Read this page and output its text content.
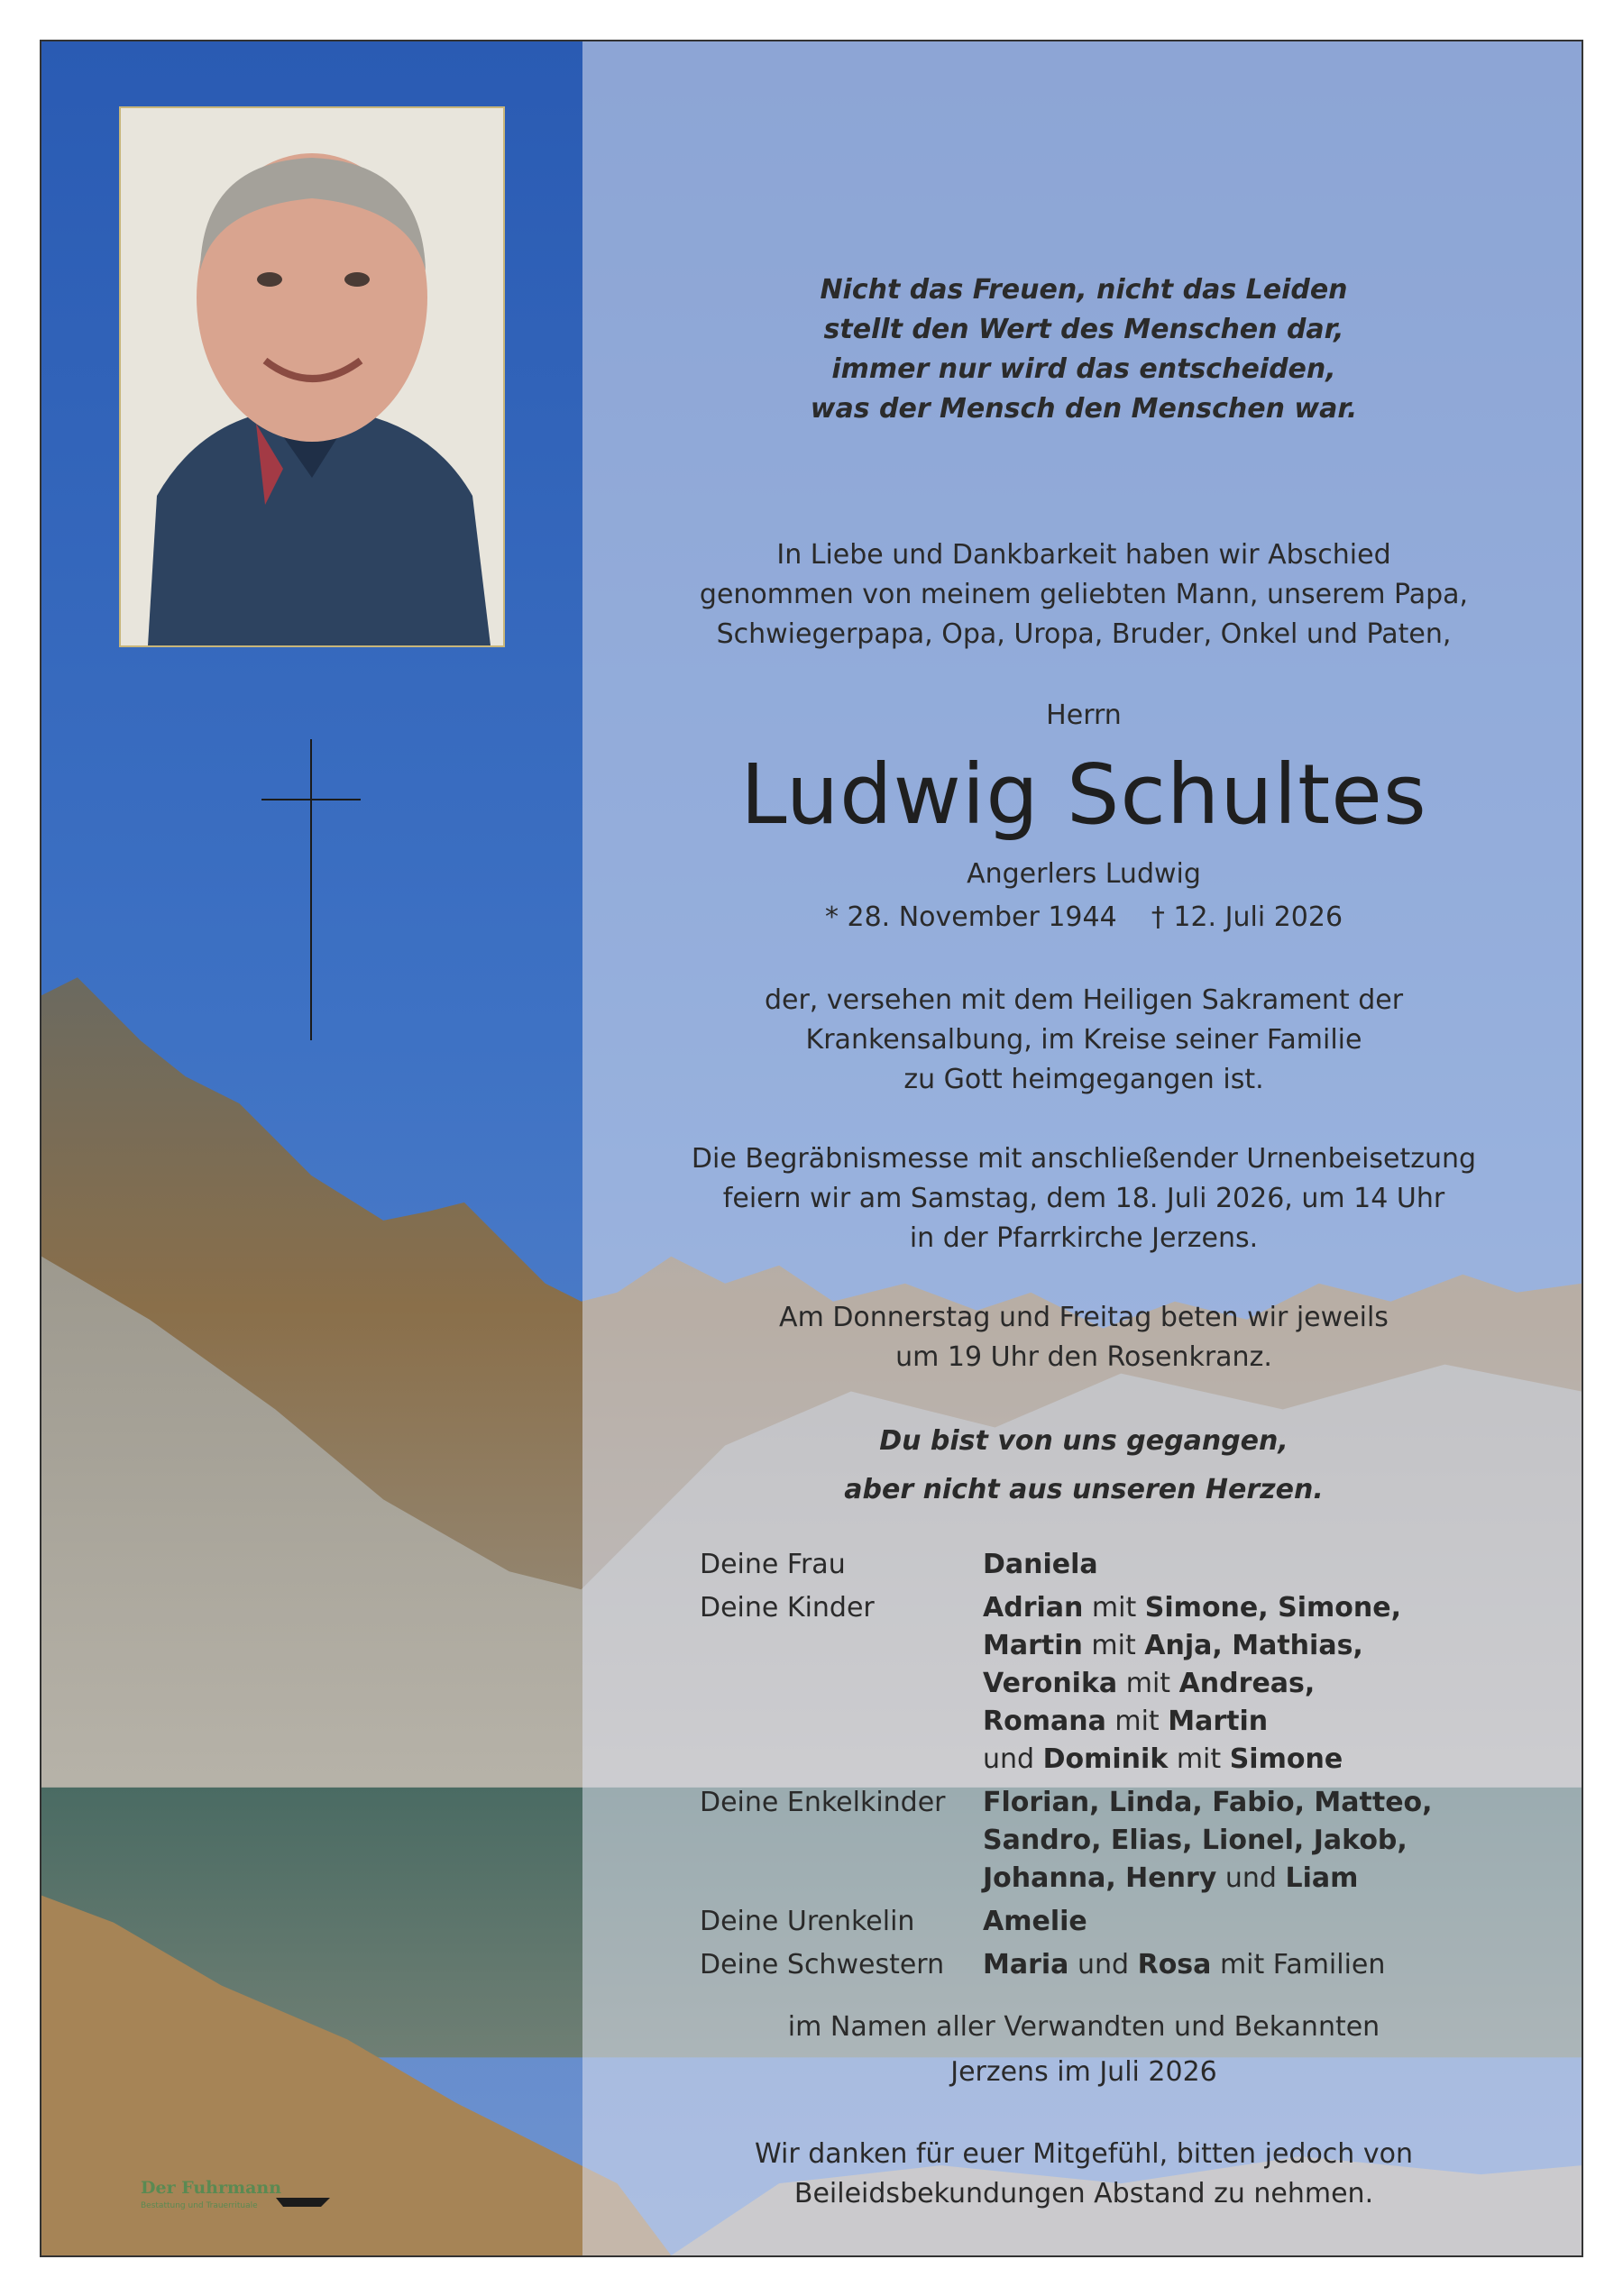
Nicht das Freuen, nicht das Leiden
stellt den Wert des Menschen dar,
immer nur wird das entscheiden,
was der Mensch den Menschen war.
In Liebe und Dankbarkeit haben wir Abschied
genommen von meinem geliebten Mann, unserem Papa,
Schwiegerpapa, Opa, Uropa, Bruder, Onkel und Paten,
Herrn
Ludwig Schultes
Angerlers Ludwig
* 28. November 1944 † 12. Juli 2026
der, versehen mit dem Heiligen Sakrament der
Krankensalbung, im Kreise seiner Familie
zu Gott heimgegangen ist.
Die Begräbnismesse mit anschließender Urnenbeisetzung
feiern wir am Samstag, dem 18. Juli 2026, um 14 Uhr
in der Pfarrkirche Jerzens.
Am Donnerstag und Freitag beten wir jeweils
um 19 Uhr den Rosenkranz.
Du bist von uns gegangen,
aber nicht aus unseren Herzen.
Deine Frau	Daniela
Deine Kinder	Adrian mit Simone, Simone,
Martin mit Anja, Mathias,
Veronika mit Andreas,
Romana mit Martin
und Dominik mit Simone
Deine Enkelkinder	Florian, Linda, Fabio, Matteo,
Sandro, Elias, Lionel, Jakob,
Johanna, Henry und Liam
Deine Urenkelin	Amelie
Deine Schwestern	Maria und Rosa mit Familien
im Namen aller Verwandten und Bekannten
Jerzens im Juli 2026
Wir danken für euer Mitgefühl, bitten jedoch von
Beileidsbekundungen Abstand zu nehmen.
Der Fuhrmann
Bestattung und Trauerrituale
